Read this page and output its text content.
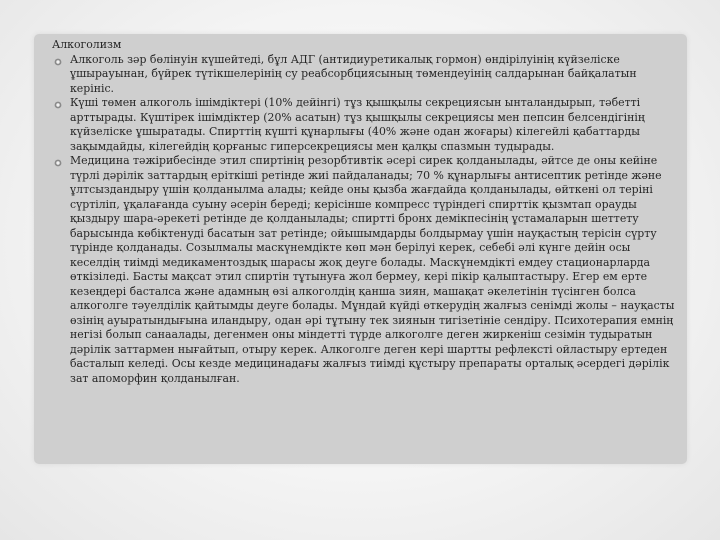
Алкоголизм

Алкоголь зәр бөлінуін күшейтеді, бұл АДГ (антидиуретикалық гормон) өндірілуінің күйзеліске ұшырауынан, бүйрек түтікшелерінің су реабсорбциясының төмендеуінің салдарынан байқалатын кеpінiс.
Күші төмен алкоголь ішімдіктері (10% дейінгі) тұз қышқылы секрециясын ынталандырып, тәбетті арттырады. Күштірек ішімдіктер (20% асатын) тұз қышқылы секрециясы мен пепсин белсендігінің күйзеліске ұшыратады. Спирттің күшті құнарлығы (40% және одан жоғары) кілегейлі қабаттарды зақымдайды, кілегейдің қорғаныс гиперсекрециясы мен қалқы спазмын тудырады.
Медицина тәжiрибесiнде этил спиртiнiң резорбтивтiк әсерi сирек қолданылады, әйтсе де оны кейiне түрлi дәрiлiк заттардың ерiткiшi ретiнде жиi пайдаланады; 70 % құнарлығы антисептик ретiнде және ұлтсыздандыру үшiн қолданылма алады; кейде оны қызба жағдайда қолданылады, өйткенi ол терiнi сүртiлiп, ұқалағанда суыну әсерiн бередi; керiсiнше компресс түрiндегi спирттiк қызмтап орауды қыздыру шара-әрекетi ретiнде де қолданылады; спирттi бронх демiкпесiнiң ұстамаларын шеттету барысында көбiктенудi басатын зат ретiнде; ойышымдарды болдырмау үшiн науқастың терiсiн сүрту түрiнде қолданады. Созылмалы маскүнемдiкте көп мән берiлуi керек, себебi әлi күнге дейiн осы кеселдiң тиiмдi медикаментоздық шарасы жоқ деуге болады. Маскүнемдiктi емдеу стационарларда өткiзiледi. Басты мақсат этил спиртiн тұтынуға жол бермеу, керi пiкiр қалыптастыру. Егер ем ерте кезеңдерi басталса және адамның өзi алкоголдiң қанша зиян, машақат әкелетiнiн түсiнген болса алкоголге тәуелдiлiк қайтымды деуге болады. Мұндай күйдi өткерудiң жалғыз сенiмдi жолы – науқасты өзiнiң ауыратындығына иландыру, одан әрi тұтыну тек зиянын тигiзетiнiе сендiру. Психотерапия емнiң негiзi болып санаалады, дегенмен оны мiндеттi түрде алкоголге деген жиркенiш сезiмiн тудыратын дәрiлiк заттармен нығайтып, отыру керек. Алкоголге деген керi шартты рефлекстi ойластыру ертеден басталып келедi. Осы кезде медицинадағы жалғыз тиiмдi құстыру препараты орталық әсердегi дәрiлiк зат апоморфин қолданылған.
